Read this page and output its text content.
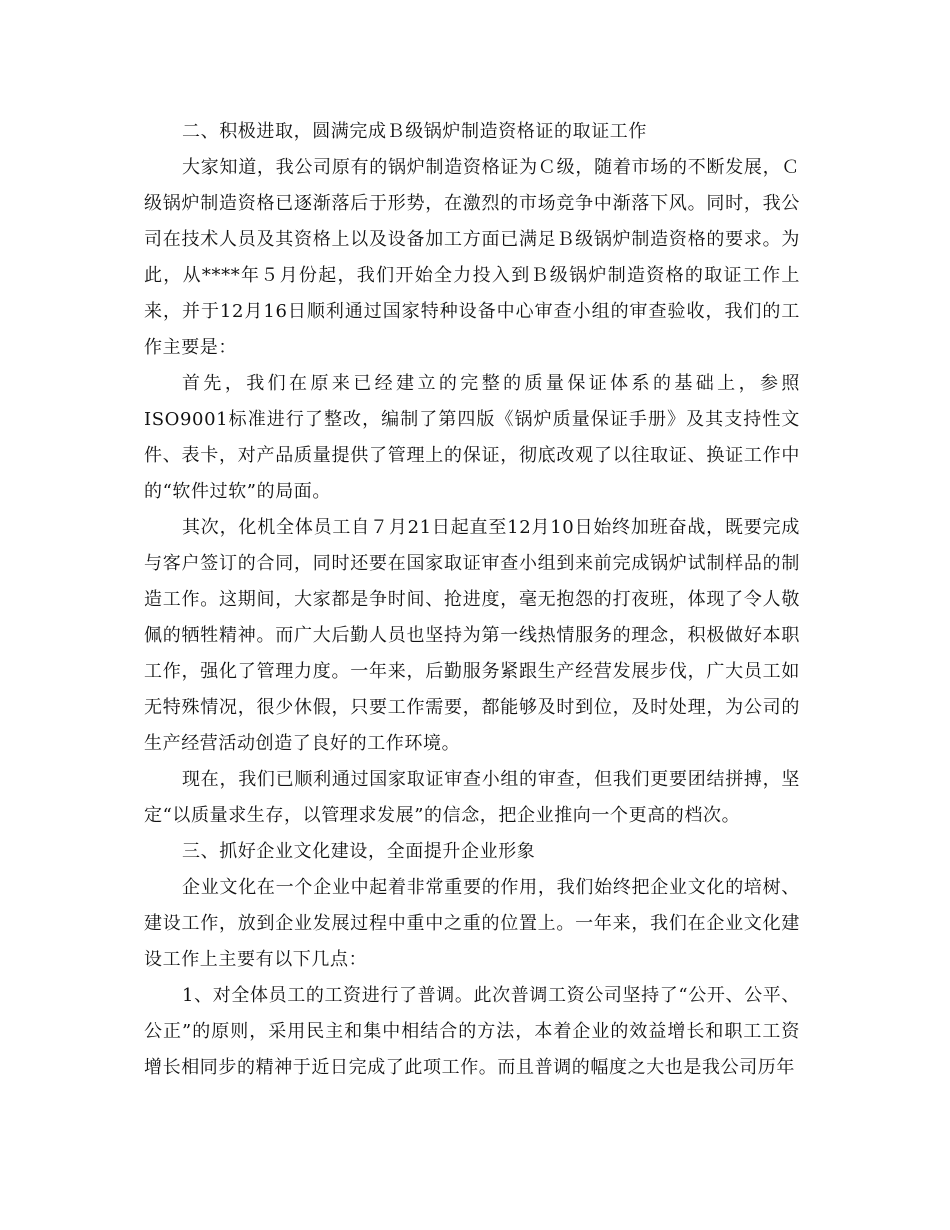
二、积极进取，圆满完成Ｂ级锅炉制造资格证的取证工作

大家知道，我公司原有的锅炉制造资格证为Ｃ级，随着市场的不断发展，Ｃ级锅炉制造资格已逐渐落后于形势，在激烈的市场竞争中渐落下风。同时，我公司在技术人员及其资格上以及设备加工方面已满足Ｂ级锅炉制造资格的要求。为此，从****年５月份起，我们开始全力投入到Ｂ级锅炉制造资格的取证工作上来，并于12月16日顺利通过国家特种设备中心审查小组的审查验收，我们的工作主要是：

首先，我们在原来已经建立的完整的质量保证体系的基础上，参照ISO9001标准进行了整改，编制了第四版《锅炉质量保证手册》及其支持性文件、表卡，对产品质量提供了管理上的保证，彻底改观了以往取证、换证工作中的“软件过软”的局面。

其次，化机全体员工自７月21日起直至12月10日始终加班奋战，既要完成与客户签订的合同，同时还要在国家取证审查小组到来前完成锅炉试制样品的制造工作。这期间，大家都是争时间、抢进度，毫无抱怨的打夜班，体现了令人敬佩的牺牲精神。而广大后勤人员也坚持为第一线热情服务的理念，积极做好本职工作，强化了管理力度。一年来，后勤服务紧跟生产经营发展步伐，广大员工如无特殊情况，很少休假，只要工作需要，都能够及时到位，及时处理，为公司的生产经营活动创造了良好的工作环境。

现在，我们已顺利通过国家取证审查小组的审查，但我们更要团结拼搏，坚定“以质量求生存，以管理求发展”的信念，把企业推向一个更高的档次。

三、抓好企业文化建设，全面提升企业形象

企业文化在一个企业中起着非常重要的作用，我们始终把企业文化的培树、建设工作，放到企业发展过程中重中之重的位置上。一年来，我们在企业文化建设工作上主要有以下几点：

1、对全体员工的工资进行了普调。此次普调工资公司坚持了“公开、公平、公正”的原则，采用民主和集中相结合的方法，本着企业的效益增长和职工工资增长相同步的精神于近日完成了此项工作。而且普调的幅度之大也是我公司历年
